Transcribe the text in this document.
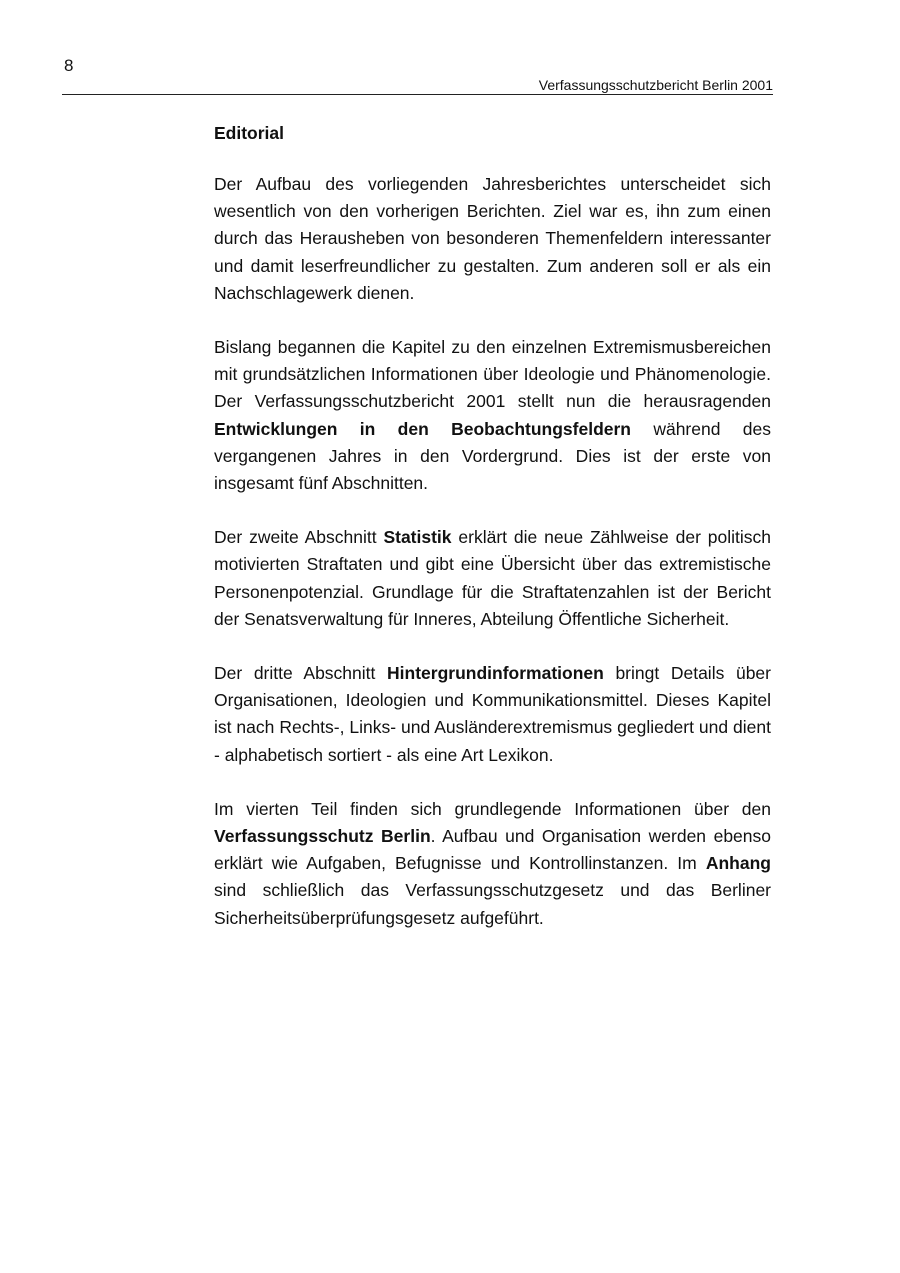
8
Verfassungsschutzbericht Berlin 2001
Editorial

Der Aufbau des vorliegenden Jahresberichtes unterscheidet sich wesentlich von den vorherigen Berichten. Ziel war es, ihn zum einen durch das Herausheben von besonderen Themenfeldern interessanter und damit leserfreundlicher zu gestalten. Zum anderen soll er als ein Nachschlagewerk dienen.

Bislang begannen die Kapitel zu den einzelnen Extremismusbereichen mit grundsätzlichen Informationen über Ideologie und Phänomenologie. Der Verfassungsschutzbericht 2001 stellt nun die herausragenden Entwicklungen in den Beobachtungsfeldern während des vergangenen Jahres in den Vordergrund. Dies ist der erste von insgesamt fünf Abschnitten.

Der zweite Abschnitt Statistik erklärt die neue Zählweise der politisch motivierten Straftaten und gibt eine Übersicht über das extremistische Personenpotenzial. Grundlage für die Straftatenzahlen ist der Bericht der Senatsverwaltung für Inneres, Abteilung Öffentliche Sicherheit.

Der dritte Abschnitt Hintergrundinformationen bringt Details über Organisationen, Ideologien und Kommunikationsmittel. Dieses Kapitel ist nach Rechts-, Links- und Ausländerextremismus gegliedert und dient - alphabetisch sortiert - als eine Art Lexikon.

Im vierten Teil finden sich grundlegende Informationen über den Verfassungsschutz Berlin. Aufbau und Organisation werden ebenso erklärt wie Aufgaben, Befugnisse und Kontrollinstanzen. Im Anhang sind schließlich das Verfassungsschutzgesetz und das Berliner Sicherheitsüberprüfungsgesetz aufgeführt.
